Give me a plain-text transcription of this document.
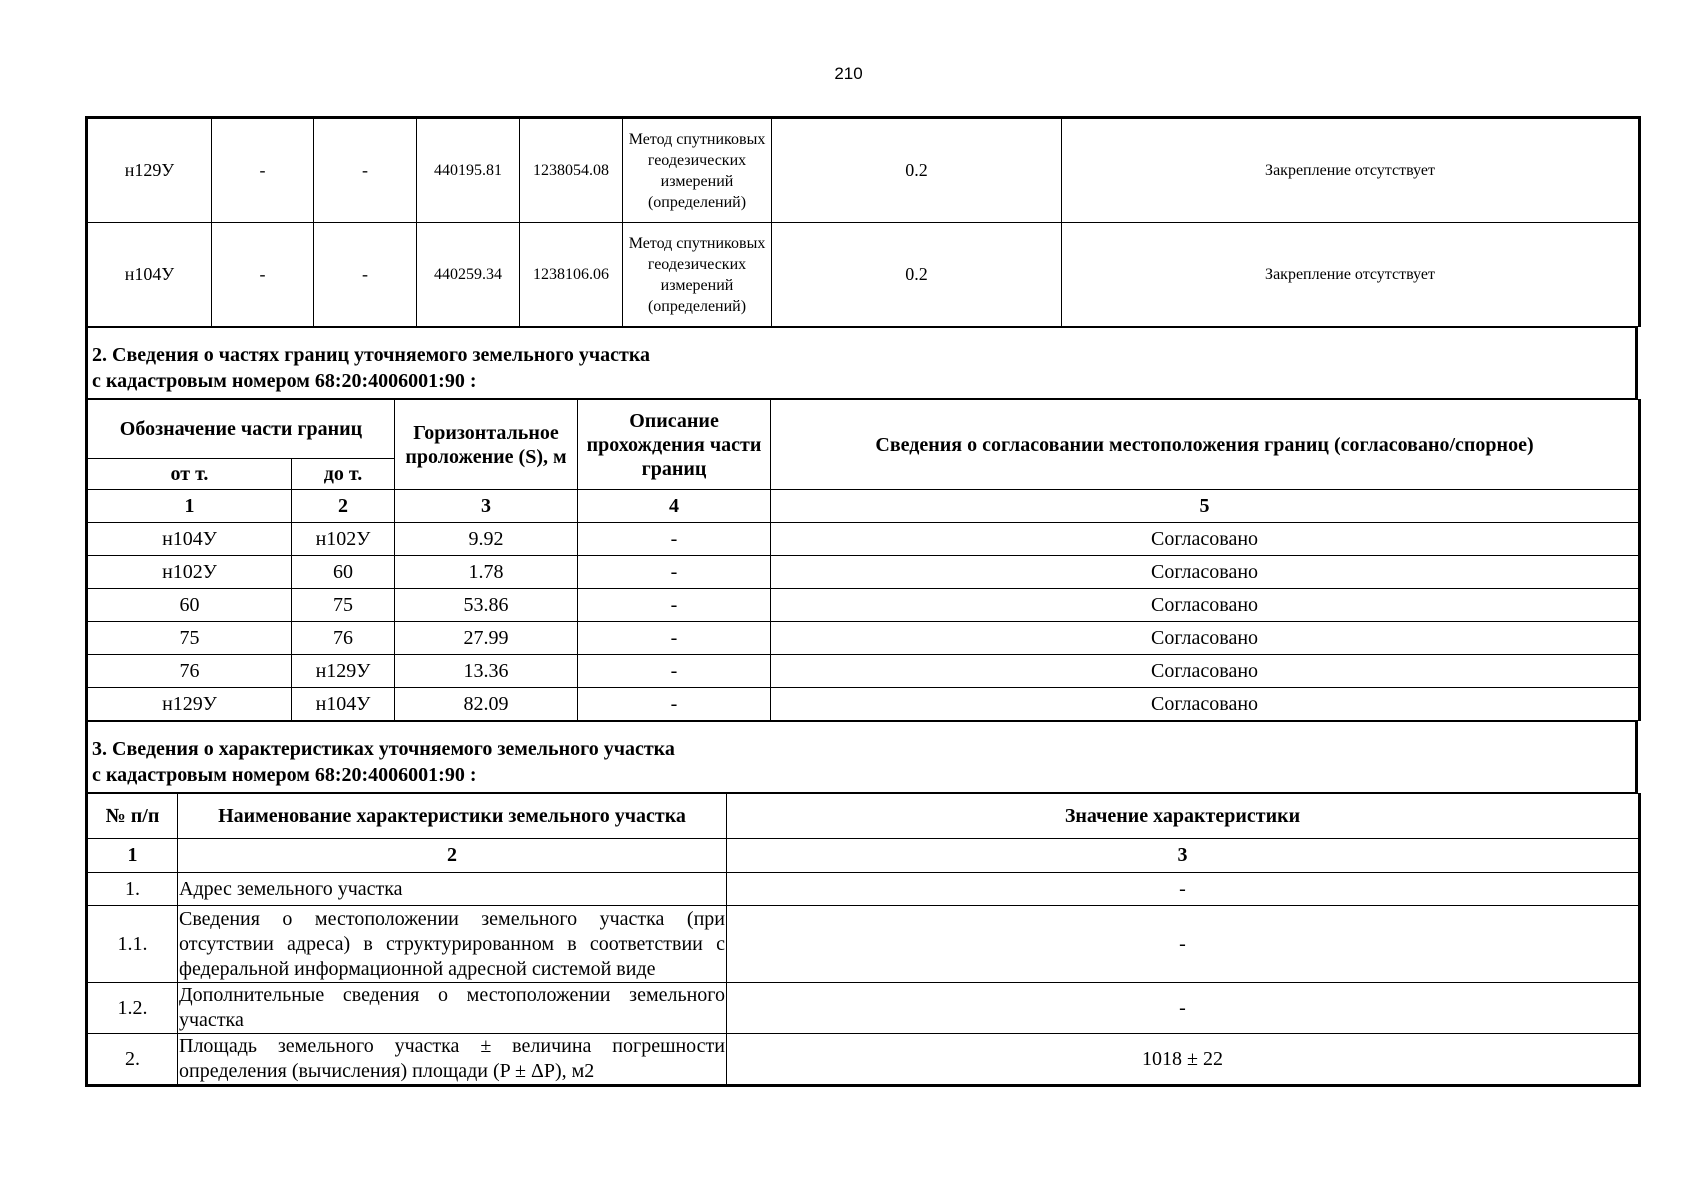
210
н129У	-	-	440195.81	1238054.08	Метод спутниковых геодезических измерений (определений)	0.2	Закрепление отсутствует
н104У	-	-	440259.34	1238106.06	Метод спутниковых геодезических измерений (определений)	0.2	Закрепление отсутствует
2. Сведения о частях границ уточняемого земельного участка
с кадастровым номером 68:20:4006001:90 :
Обозначение части границ		Горизонтальное проложение (S), м	Описание прохождения части границ	Сведения о согласовании местоположения границ (согласовано/спорное)
от т.	до т.			
1	2	3	4	5
н104У	н102У	9.92	-	Согласовано
н102У	60	1.78	-	Согласовано
60	75	53.86	-	Согласовано
75	76	27.99	-	Согласовано
76	н129У	13.36	-	Согласовано
н129У	н104У	82.09	-	Согласовано
3. Сведения о характеристиках уточняемого земельного участка
с кадастровым номером 68:20:4006001:90 :
№ п/п	Наименование характеристики земельного участка	Значение характеристики
1	2	3
1.	Адрес земельного участка	-
1.1.	Сведения о местоположении земельного участка (при отсутствии адреса) в структурированном в соответствии с федеральной информационной адресной системой виде	-
1.2.	Дополнительные сведения о местоположении земельного участка	-
2.	Площадь земельного участка ± величина погрешности определения (вычисления) площади (P ± ΔP), м2	1018 ± 22
